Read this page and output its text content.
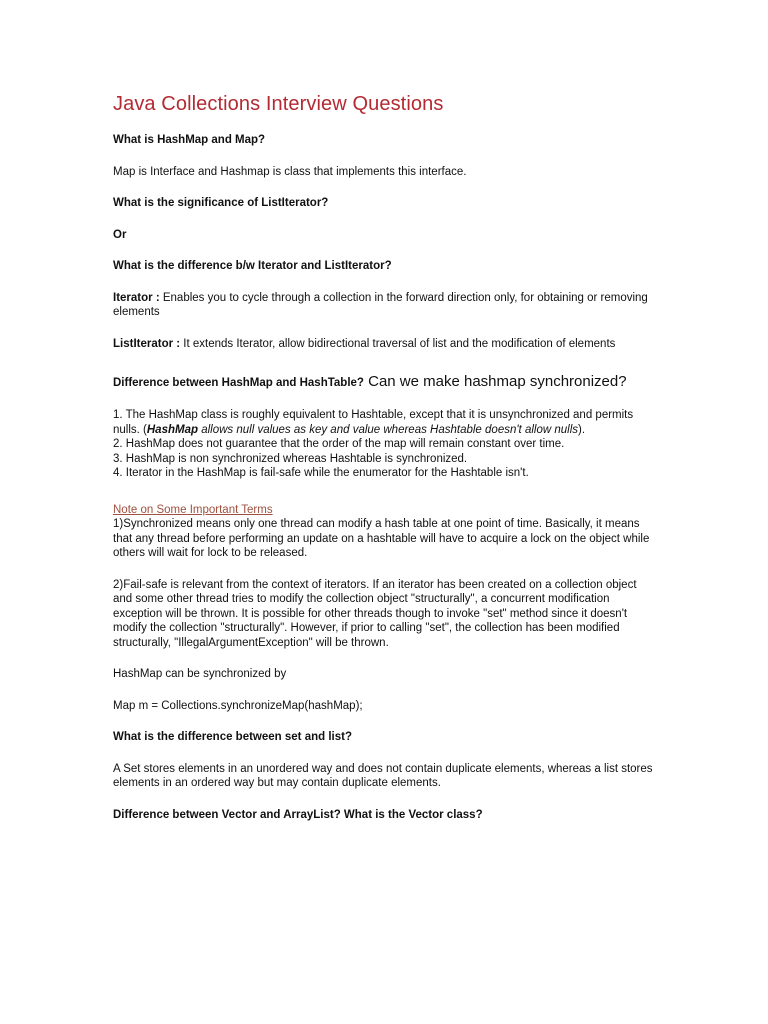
Java Collections Interview Questions
What is HashMap and Map?
Map is Interface and Hashmap is class that implements this interface.
What is the significance of ListIterator?
Or
What is the difference b/w Iterator and ListIterator?
Iterator : Enables you to cycle through a collection in the forward direction only, for obtaining or removing elements
ListIterator : It extends Iterator, allow bidirectional traversal of list and the modification of elements
Difference between HashMap and HashTable? Can we make hashmap synchronized?
1. The HashMap class is roughly equivalent to Hashtable, except that it is unsynchronized and permits nulls. (HashMap allows null values as key and value whereas Hashtable doesn't allow nulls).
2. HashMap does not guarantee that the order of the map will remain constant over time.
3. HashMap is non synchronized whereas Hashtable is synchronized.
4. Iterator in the HashMap is fail-safe while the enumerator for the Hashtable isn't.
Note on Some Important Terms
1)Synchronized means only one thread can modify a hash table at one point of time. Basically, it means that any thread before performing an update on a hashtable will have to acquire a lock on the object while others will wait for lock to be released.
2)Fail-safe is relevant from the context of iterators. If an iterator has been created on a collection object and some other thread tries to modify the collection object "structurally", a concurrent modification exception will be thrown. It is possible for other threads though to invoke "set" method since it doesn't modify the collection "structurally". However, if prior to calling "set", the collection has been modified structurally, "IllegalArgumentException" will be thrown.
HashMap can be synchronized by
Map m = Collections.synchronizeMap(hashMap);
What is the difference between set and list?
A Set stores elements in an unordered way and does not contain duplicate elements, whereas a list stores elements in an ordered way but may contain duplicate elements.
Difference between Vector and ArrayList? What is the Vector class?
